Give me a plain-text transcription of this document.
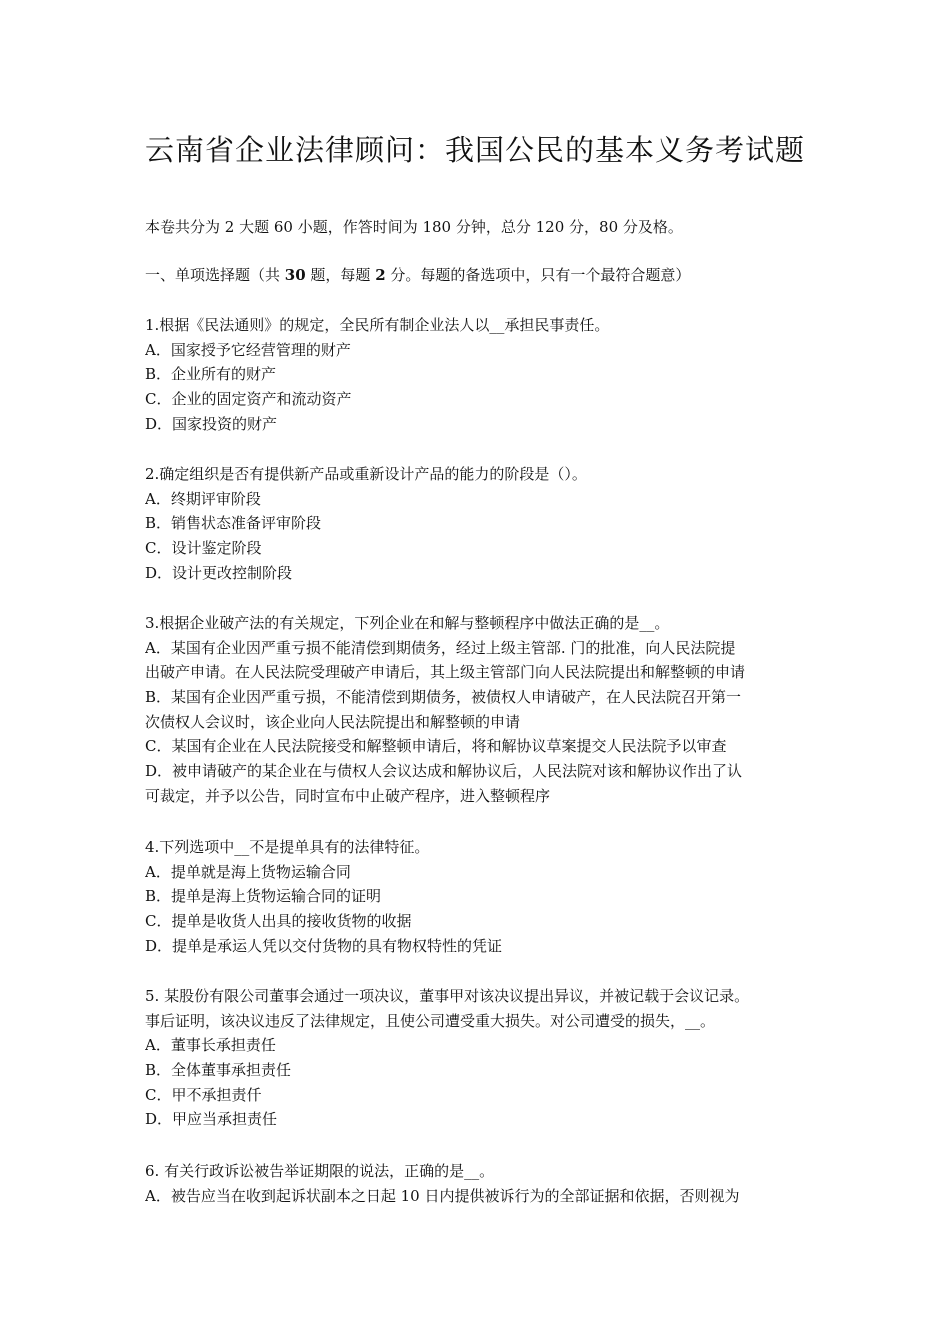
云南省企业法律顾问：我国公民的基本义务考试题
本卷共分为 2 大题 60 小题，作答时间为 180 分钟，总分 120 分，80 分及格。
一、单项选择题（共 30 题，每题 2 分。每题的备选项中，只有一个最符合题意）
1.根据《民法通则》的规定，全民所有制企业法人以__承担民事责任。
A．国家授予它经营管理的财产
B．企业所有的财产
C．企业的固定资产和流动资产
D．国家投资的财产
2.确定组织是否有提供新产品或重新设计产品的能力的阶段是（）。
A．终期评审阶段
B．销售状态准备评审阶段
C．设计鉴定阶段
D．设计更改控制阶段
3.根据企业破产法的有关规定，下列企业在和解与整顿程序中做法正确的是__。
A．某国有企业因严重亏损不能清偿到期债务，经过上级主管部. 门的批准，向人民法院提
出破产申请。在人民法院受理破产申请后，其上级主管部门向人民法院提出和解整顿的申请
B．某国有企业因严重亏损，不能清偿到期债务，被债权人申请破产，在人民法院召开第一
次债权人会议时，该企业向人民法院提出和解整顿的申请
C．某国有企业在人民法院接受和解整顿申请后，将和解协议草案提交人民法院予以审查
D．被申请破产的某企业在与债权人会议达成和解协议后，人民法院对该和解协议作出了认
可裁定，并予以公告，同时宣布中止破产程序，进入整顿程序
4.下列选项中__不是提单具有的法律特征。
A．提单就是海上货物运输合同
B．提单是海上货物运输合同的证明
C．提单是收货人出具的接收货物的收据
D．提单是承运人凭以交付货物的具有物权特性的凭证
5. 某股份有限公司董事会通过一项决议，董事甲对该决议提出异议，并被记载于会议记录。
事后证明，该决议违反了法律规定，且使公司遭受重大损失。对公司遭受的损失，__。
A．董事长承担责任
B．全体董事承担责任
C．甲不承担责仟
D．甲应当承担责任
6. 有关行政诉讼被告举证期限的说法，正确的是__。
A．被告应当在收到起诉状副本之日起 10 日内提供被诉行为的全部证据和依据，否则视为
